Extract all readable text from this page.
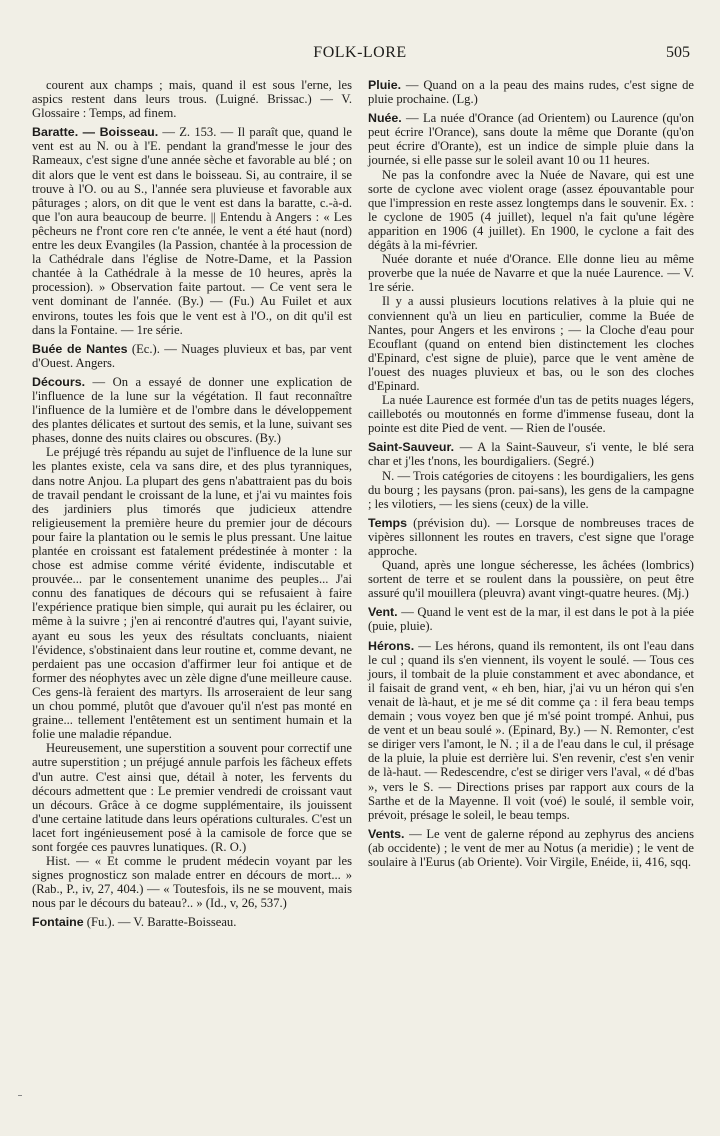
FOLK-LORE	505

courent aux champs ; mais, quand il est sous l'erne, les aspics restent dans leurs trous. (Luigné. Brissac.) — V. Glossaire : Temps, ad finem.

Baratte. — Boisseau. — Z. 153. — Il paraît que, quand le vent est au N. ou à l'E. pendant la grand'messe le jour des Rameaux, c'est signe d'une année sèche et favorable au blé ; on dit alors que le vent est dans le boisseau. Si, au contraire, il se trouve à l'O. ou au S., l'année sera pluvieuse et favorable aux pâturages ; alors, on dit que le vent est dans la baratte, c.-à-d. que l'on aura beaucoup de beurre. || Entendu à Angers : « Les pêcheurs ne f'ront core ren c'te année, le vent a été haut (nord) entre les deux Evangiles (la Passion, chantée à la procession de la Cathédrale dans l'église de Notre-Dame, et la Passion chantée à la Cathédrale à la messe de 10 heures, après la procession). » Observation faite partout. — Ce vent sera le vent dominant de l'année. (By.) — (Fu.) Au Fuilet et aux environs, toutes les fois que le vent est à l'O., on dit qu'il est dans la Fontaine. — 1re série.

Buée de Nantes (Ec.). — Nuages pluvieux et bas, par vent d'Ouest. Angers.

Décours. — On a essayé de donner une explication de l'influence de la lune sur la végétation. Il faut reconnaître l'influence de la lumière et de l'ombre dans le développement des plantes délicates et surtout des semis, et la lune, suivant ses phases, donne des nuits claires ou obscures. (By.)

Le préjugé très répandu au sujet de l'influence de la lune sur les plantes existe, cela va sans dire, et des plus tyranniques, dans notre Anjou. La plupart des gens n'abattraient pas du bois de travail pendant le croissant de la lune, et j'ai vu maintes fois des jardiniers plus timorés que judicieux attendre religieusement la première heure du premier jour de décours pour faire la plantation ou le semis le plus pressant. Une laitue plantée en croissant est fatalement prédestinée à monter : la chose est admise comme vérité évidente, indiscutable et prouvée... par le consentement unanime des peuples... J'ai connu des fanatiques de décours qui se refusaient à faire l'expérience pratique bien simple, qui aurait pu les éclairer, ou même à la suivre ; j'en ai rencontré d'autres qui, l'ayant suivie, ayant eu sous les yeux des résultats concluants, niaient l'évidence, s'obstinaient dans leur routine et, comme devant, ne perdaient pas une occasion d'affirmer leur foi antique et de former des néophytes avec un zèle digne d'une meilleure cause. Ces gens-là feraient des martyrs. Ils arroseraient de leur sang un chou pommé, plutôt que d'avouer qu'il n'est pas monté en graine... tellement l'entêtement est un sentiment humain et la folie une maladie répandue.

Heureusement, une superstition a souvent pour correctif une autre superstition ; un préjugé annule parfois les fâcheux effets d'un autre. C'est ainsi que, détail à noter, les fervents du décours admettent que : Le premier vendredi de croissant vaut un décours. Grâce à ce dogme supplémentaire, ils jouissent d'une certaine latitude dans leurs opérations culturales. C'est un lacet fort ingénieusement posé à la camisole de force que se sont forgée ces pauvres lunatiques. (R. O.)

Hist. — « Et comme le prudent médecin voyant par les signes prognosticz son malade entrer en décours de mort... » (Rab., P., iv, 27, 404.) — « Toutesfois, ils ne se mouvent, mais nous par le décours du bateau?.. » (Id., v, 26, 537.)

Fontaine (Fu.). — V. Baratte-Boisseau.

Pluie. — Quand on a la peau des mains rudes, c'est signe de pluie prochaine. (Lg.)

Nuée. — La nuée d'Orance (ad Orientem) ou Laurence (qu'on peut écrire l'Orance), sans doute la même que Dorante (qu'on peut écrire d'Orante), est un indice de simple pluie dans la journée, si elle passe sur le soleil avant 10 ou 11 heures.

Ne pas la confondre avec la Nuée de Navare, qui est une sorte de cyclone avec violent orage (assez épouvantable pour que l'impression en reste assez longtemps dans le souvenir. Ex. : le cyclone de 1905 (4 juillet), lequel n'a fait qu'une légère apparition en 1906 (4 juillet). En 1900, le cyclone a fait des dégâts à la mi-février.

Nuée dorante et nuée d'Orance. Elle donne lieu au même proverbe que la nuée de Navarre et que la nuée Laurence. — V. 1re série.

Il y a aussi plusieurs locutions relatives à la pluie qui ne conviennent qu'à un lieu en particulier, comme la Buée de Nantes, pour Angers et les environs ; — la Cloche d'eau pour Ecouflant (quand on entend bien distinctement les cloches d'Epinard, c'est signe de pluie), parce que le vent amène de l'ouest des nuages pluvieux et bas, ou le son des cloches d'Epinard.

La nuée Laurence est formée d'un tas de petits nuages légers, caillebotés ou moutonnés en forme d'immense fuseau, dont la pointe est dite Pied de vent. — Rien de l'ousée.

Saint-Sauveur. — A la Saint-Sauveur, s'i vente, le blé sera char et j'les t'nons, les bourdigaliers. (Segré.)

N. — Trois catégories de citoyens : les bourdigaliers, les gens du bourg ; les paysans (pron. pai-sans), les gens de la campagne ; les vilotiers, — les siens (ceux) de la ville.

Temps (prévision du). — Lorsque de nombreuses traces de vipères sillonnent les routes en travers, c'est signe que l'orage approche.

Quand, après une longue sécheresse, les âchées (lombrics) sortent de terre et se roulent dans la poussière, on peut être assuré qu'il mouillera (pleuvra) avant vingt-quatre heures. (Mj.)

Vent. — Quand le vent est de la mar, il est dans le pot à la piée (puie, pluie).

Hérons. — Les hérons, quand ils remontent, ils ont l'eau dans le cul ; quand ils s'en viennent, ils voyent le soulé. — Tous ces jours, il tombait de la pluie constamment et avec abondance, et il faisait de grand vent, « eh ben, hiar, j'ai vu un héron qui s'en venait de là-haut, et je me sé dit comme ça : il fera beau temps demain ; vous voyez ben que jé m'sé point trompé. Anhui, pus de vent et un beau soulé ». (Epinard, By.) — N. Remonter, c'est se diriger vers l'amont, le N. ; il a de l'eau dans le cul, il présage de la pluie, la pluie est derrière lui. S'en revenir, c'est s'en venir de là-haut. — Redescendre, c'est se diriger vers l'aval, « dé d'bas », vers le S. — Directions prises par rapport aux cours de la Sarthe et de la Mayenne. Il voit (voé) le soulé, il semble voir, prévoit, présage le soleil, le beau temps.

Vents. — Le vent de galerne répond au zephyrus des anciens (ab occidente) ; le vent de mer au Notus (a meridie) ; le vent de soulaire à l'Eurus (ab Oriente). Voir Virgile, Enéide, ii, 416, sqq.
